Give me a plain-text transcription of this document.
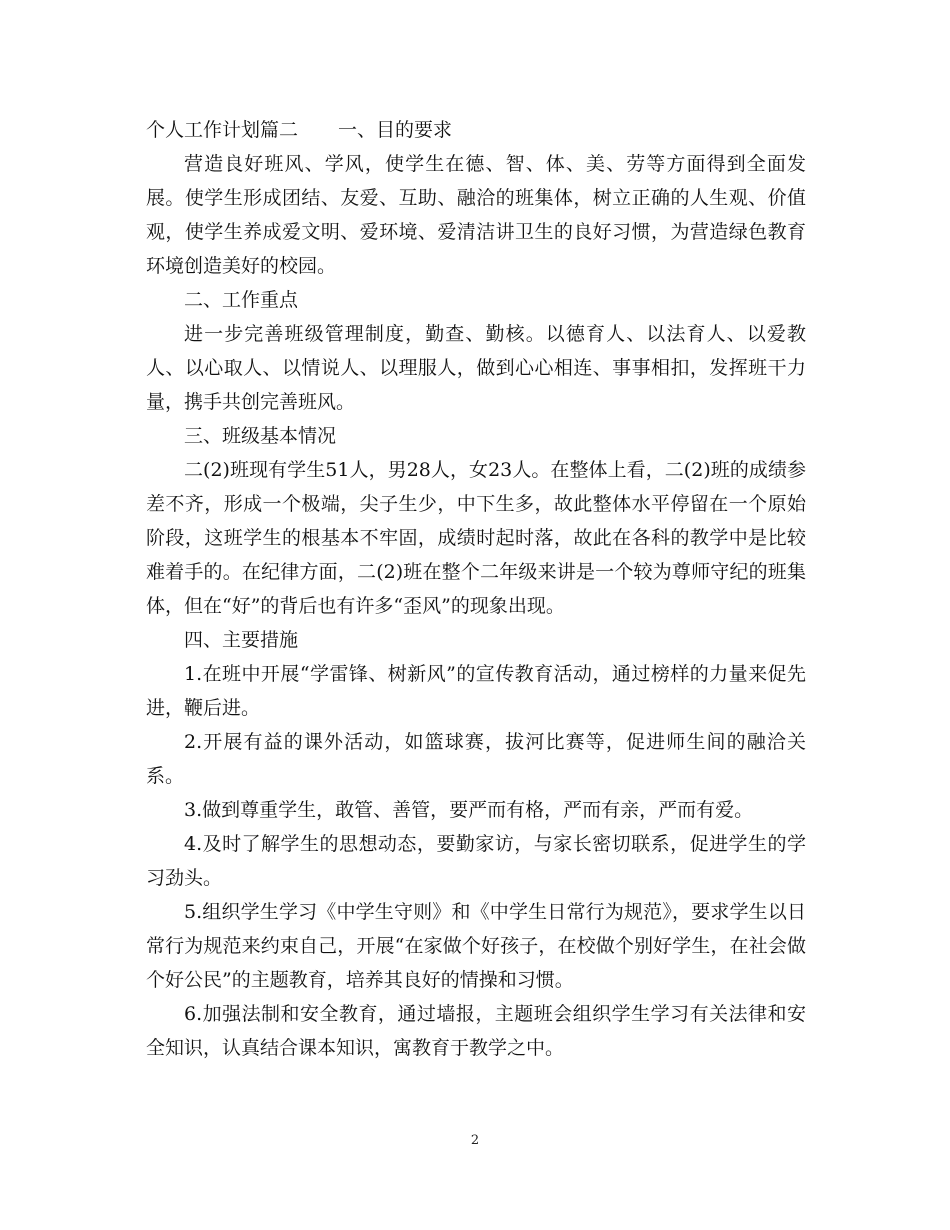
个人工作计划篇二 一、目的要求

营造良好班风、学风，使学生在德、智、体、美、劳等方面得到全面发展。使学生形成团结、友爱、互助、融洽的班集体，树立正确的人生观、价值观，使学生养成爱文明、爱环境、爱清洁讲卫生的良好习惯，为营造绿色教育环境创造美好的校园。

二、工作重点

进一步完善班级管理制度，勤查、勤核。以德育人、以法育人、以爱教人、以心取人、以情说人、以理服人，做到心心相连、事事相扣，发挥班干力量，携手共创完善班风。

三、班级基本情况

二(2)班现有学生51人，男28人，女23人。在整体上看，二(2)班的成绩参差不齐，形成一个极端，尖子生少，中下生多，故此整体水平停留在一个原始阶段，这班学生的根基本不牢固，成绩时起时落，故此在各科的教学中是比较难着手的。在纪律方面，二(2)班在整个二年级来讲是一个较为尊师守纪的班集体，但在“好”的背后也有许多“歪风”的现象出现。

四、主要措施

1.在班中开展“学雷锋、树新风”的宣传教育活动，通过榜样的力量来促先进，鞭后进。

2.开展有益的课外活动，如篮球赛，拔河比赛等，促进师生间的融洽关系。

3.做到尊重学生，敢管、善管，要严而有格，严而有亲，严而有爱。

4.及时了解学生的思想动态，要勤家访，与家长密切联系，促进学生的学习劲头。

5.组织学生学习《中学生守则》和《中学生日常行为规范》，要求学生以日常行为规范来约束自己，开展“在家做个好孩子，在校做个别好学生，在社会做个好公民”的主题教育，培养其良好的情操和习惯。

6.加强法制和安全教育，通过墙报，主题班会组织学生学习有关法律和安全知识，认真结合课本知识，寓教育于教学之中。

2
